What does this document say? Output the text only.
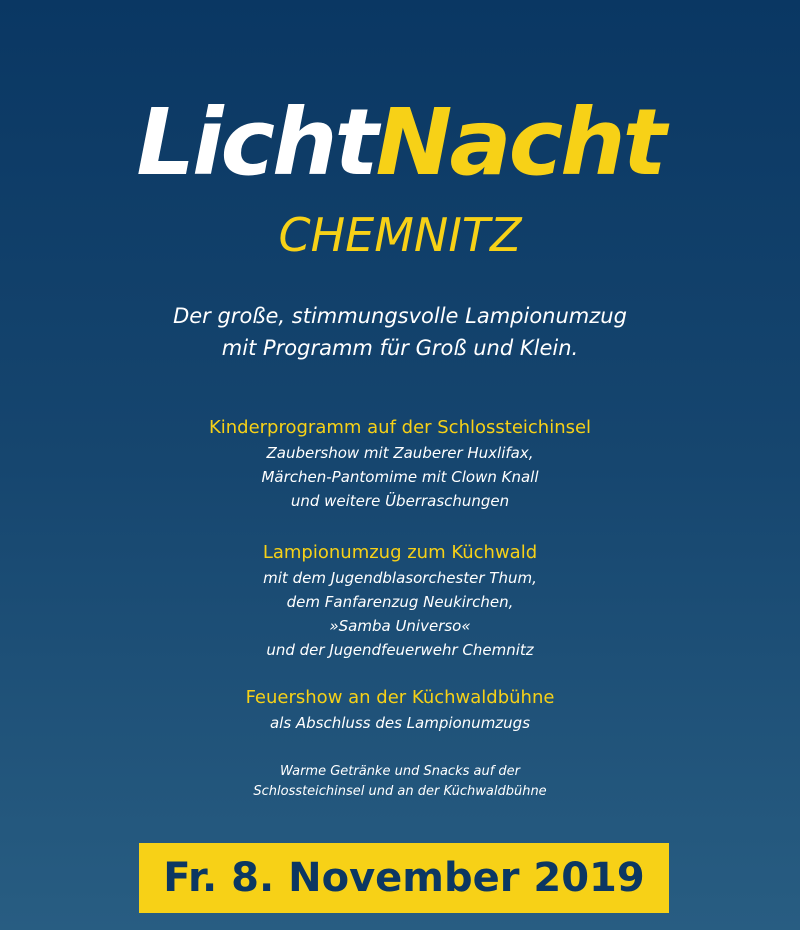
LichtNacht
CHEMNITZ
Der große, stimmungsvolle Lampionumzug
mit Programm für Groß und Klein.
Kinderprogramm auf der Schlossteichinsel
Zaubershow mit Zauberer Huxlifax,
Märchen-Pantomime mit Clown Knall
und weitere Überraschungen
Lampionumzug zum Küchwald
mit dem Jugendblasorchester Thum,
dem Fanfarenzug Neukirchen,
»Samba Universo«
und der Jugendfeuerwehr Chemnitz
Feuershow an der Küchwaldbühne
als Abschluss des Lampionumzugs
Warme Getränke und Snacks auf der
Schlossteichinsel und an der Küchwaldbühne
Fr. 8. November 2019
